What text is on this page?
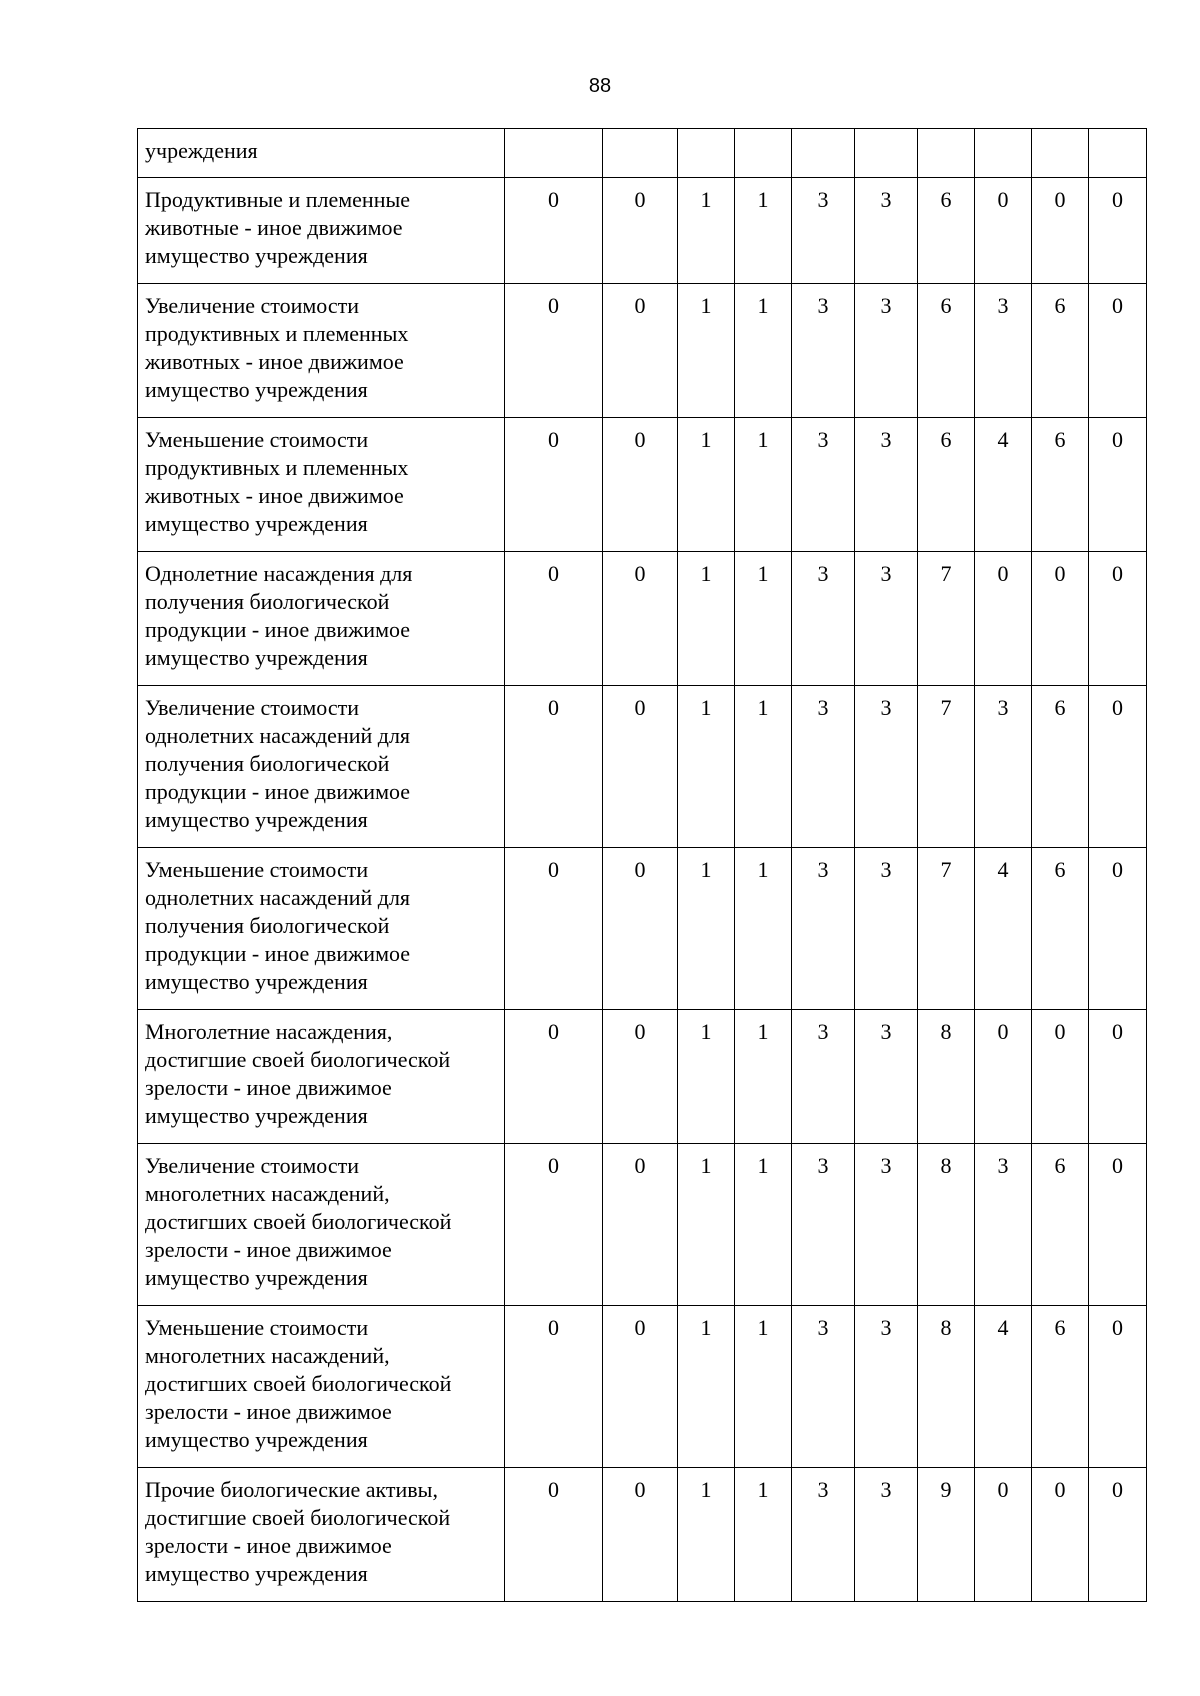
88
учреждения										
Продуктивные и племенные
животные - иное движимое
имущество учреждения	0	0	1	1	3	3	6	0	0	0
Увеличение стоимости
продуктивных и племенных
животных - иное движимое
имущество учреждения	0	0	1	1	3	3	6	3	6	0
Уменьшение стоимости
продуктивных и племенных
животных - иное движимое
имущество учреждения	0	0	1	1	3	3	6	4	6	0
Однолетние насаждения для
получения биологической
продукции - иное движимое
имущество учреждения	0	0	1	1	3	3	7	0	0	0
Увеличение стоимости
однолетних насаждений для
получения биологической
продукции - иное движимое
имущество учреждения	0	0	1	1	3	3	7	3	6	0
Уменьшение стоимости
однолетних насаждений для
получения биологической
продукции - иное движимое
имущество учреждения	0	0	1	1	3	3	7	4	6	0
Многолетние насаждения,
достигшие своей биологической
зрелости - иное движимое
имущество учреждения	0	0	1	1	3	3	8	0	0	0
Увеличение стоимости
многолетних насаждений,
достигших своей биологической
зрелости - иное движимое
имущество учреждения	0	0	1	1	3	3	8	3	6	0
Уменьшение стоимости
многолетних насаждений,
достигших своей биологической
зрелости - иное движимое
имущество учреждения	0	0	1	1	3	3	8	4	6	0
Прочие биологические активы,
достигшие своей биологической
зрелости - иное движимое
имущество учреждения	0	0	1	1	3	3	9	0	0	0
